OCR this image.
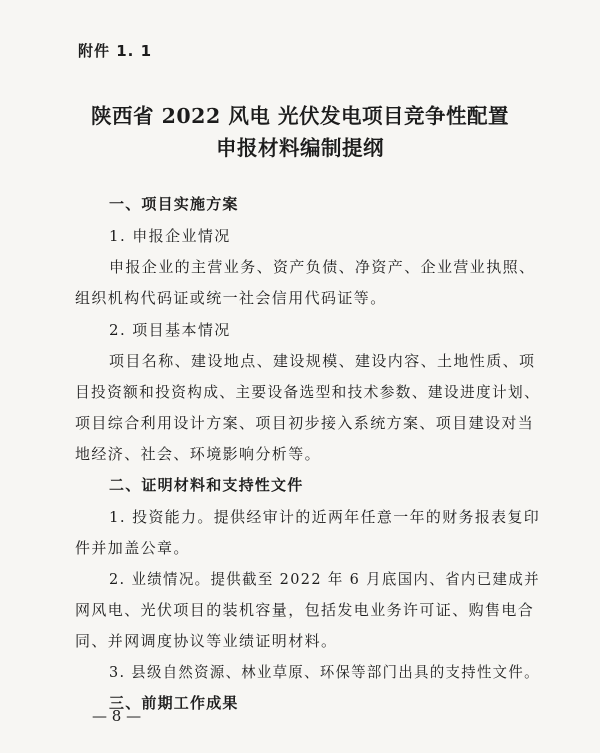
附件 1. 1
陕西省 2022 风电 光伏发电项目竞争性配置
申报材料编制提纲
一、项目实施方案
1. 申报企业情况
申报企业的主营业务、资产负债、净资产、企业营业执照、
组织机构代码证或统一社会信用代码证等。
2. 项目基本情况
项目名称、建设地点、建设规模、建设内容、土地性质、项
目投资额和投资构成、主要设备选型和技术参数、建设进度计划、
项目综合利用设计方案、项目初步接入系统方案、项目建设对当
地经济、社会、环境影响分析等。
二、证明材料和支持性文件
1. 投资能力。提供经审计的近两年任意一年的财务报表复印
件并加盖公章。
2. 业绩情况。提供截至 2022 年 6 月底国内、省内已建成并
网风电、光伏项目的装机容量，包括发电业务许可证、购售电合
同、并网调度协议等业绩证明材料。
3. 县级自然资源、林业草原、环保等部门出具的支持性文件。
三、前期工作成果
— 8 —
